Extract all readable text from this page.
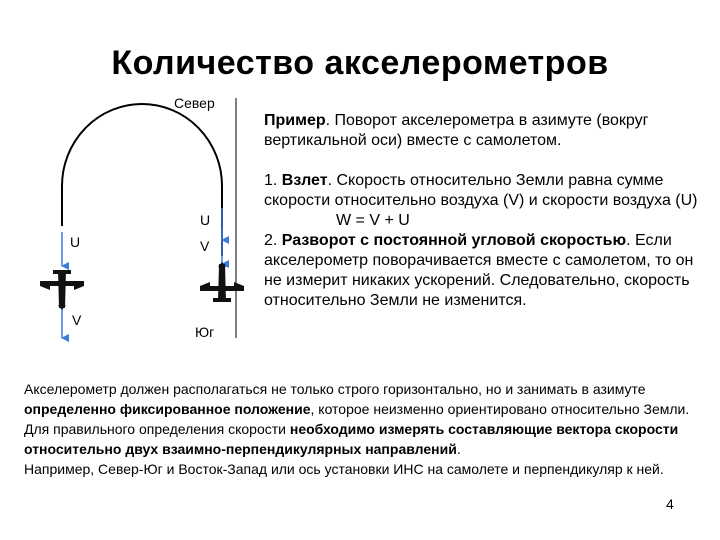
Количество акселерометров
Север
Юг
U
V
U
V

Пример. Поворот акселерометра в азимуте (вокруг вертикальной оси) вместе с самолетом.

1. Взлет. Скорость относительно Земли равна сумме скорости относительно воздуха (V) и скорости воздуха (U)

W = V + U

2. Разворот с постоянной угловой скоростью. Если акселерометр поворачивается вместе с самолетом, то он не измерит никаких ускорений. Следовательно, скорость относительно Земли не изменится.

Акселерометр должен располагаться не только строго горизонтально, но и занимать в азимуте определенно фиксированное положение, которое неизменно ориентировано относительно Земли.

Для правильного определения скорости необходимо измерять составляющие вектора скорости относительно двух взаимно-перпендикулярных направлений.

Например, Север-Юг и Восток-Запад или ось установки ИНС на самолете и перпендикуляр к ней.

4
